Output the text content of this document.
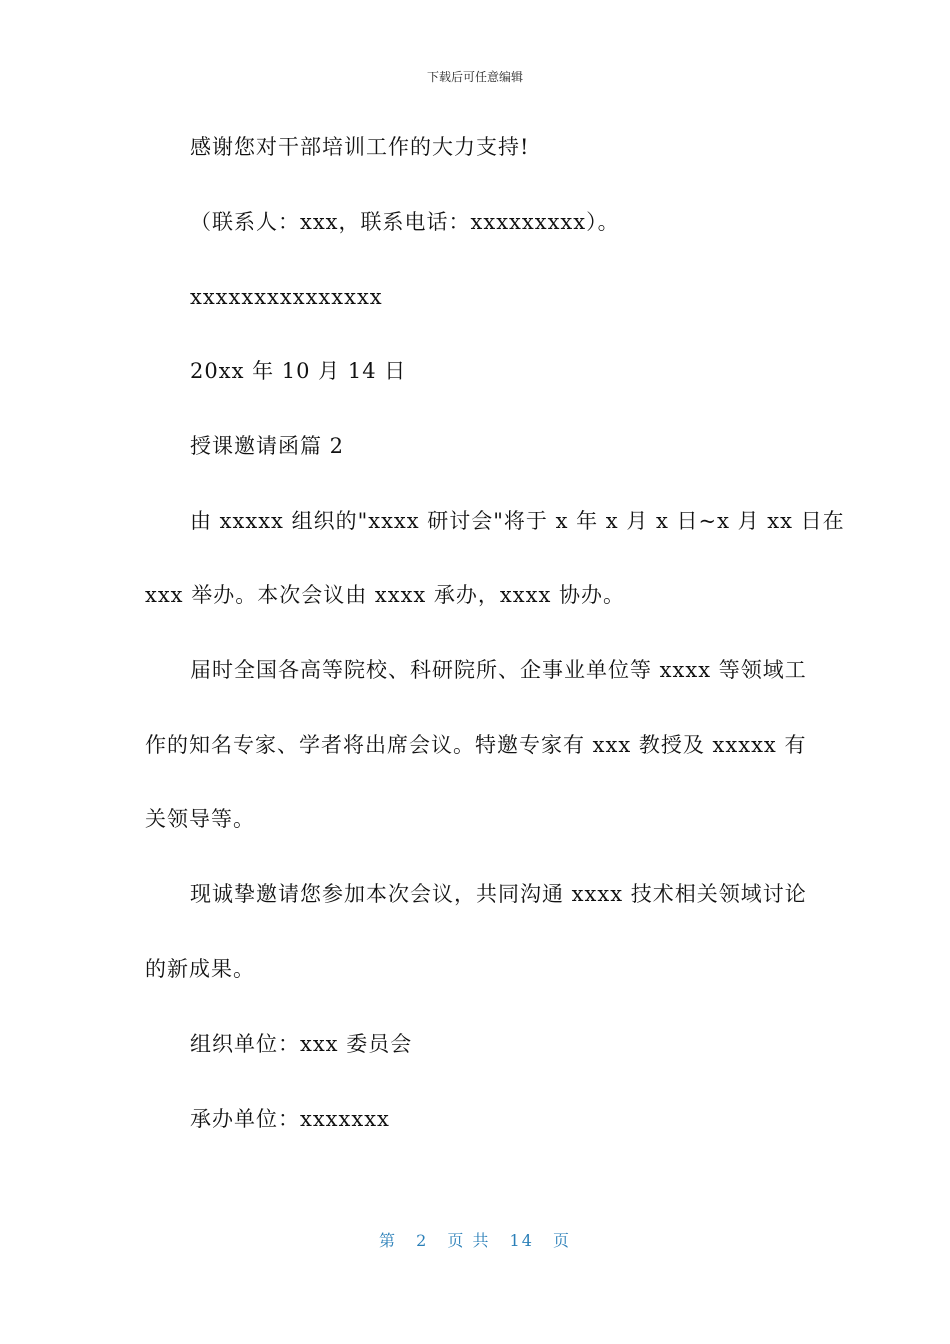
下载后可任意编辑
感谢您对干部培训工作的大力支持!
（联系人：xxx，联系电话：xxxxxxxxx）。
xxxxxxxxxxxxxxx
20xx 年 10 月 14 日
授课邀请函篇 2
由 xxxxx 组织的"xxxx 研讨会"将于 x 年 x 月 x 日~x 月 xx 日在
xxx 举办。本次会议由 xxxx 承办，xxxx 协办。
届时全国各高等院校、科研院所、企事业单位等 xxxx 等领域工
作的知名专家、学者将出席会议。特邀专家有 xxx 教授及 xxxxx 有
关领导等。
现诚挚邀请您参加本次会议，共同沟通 xxxx 技术相关领域讨论
的新成果。
组织单位：xxx 委员会
承办单位：xxxxxxx
第 2 页 共 14 页
